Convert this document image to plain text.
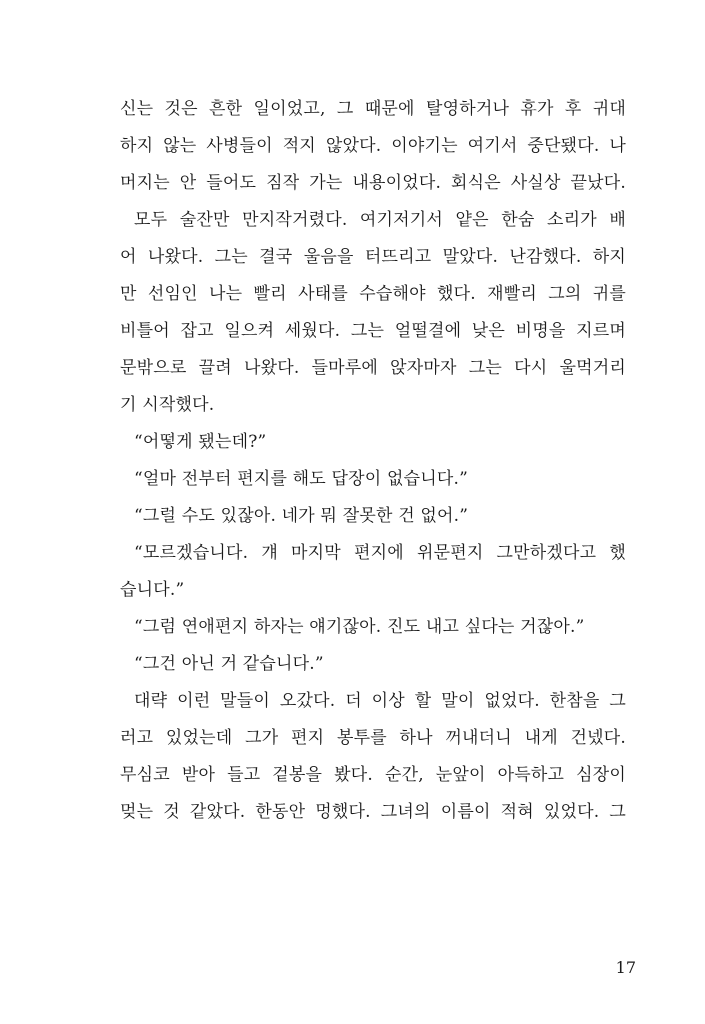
신는 것은 흔한 일이었고, 그 때문에 탈영하거나 휴가 후 귀대
하지 않는 사병들이 적지 않았다. 이야기는 여기서 중단됐다. 나
머지는 안 들어도 짐작 가는 내용이었다. 회식은 사실상 끝났다.
모두 술잔만 만지작거렸다. 여기저기서 얕은 한숨 소리가 배
어 나왔다. 그는 결국 울음을 터뜨리고 말았다. 난감했다. 하지
만 선임인 나는 빨리 사태를 수습해야 했다. 재빨리 그의 귀를
비틀어 잡고 일으켜 세웠다. 그는 얼떨결에 낮은 비명을 지르며
문밖으로 끌려 나왔다. 들마루에 앉자마자 그는 다시 울먹거리
기 시작했다.
“어떻게 됐는데?”
“얼마 전부터 편지를 해도 답장이 없습니다.”
“그럴 수도 있잖아. 네가 뭐 잘못한 건 없어.”
“모르겠습니다. 걔 마지막 편지에 위문편지 그만하겠다고 했
습니다.”
“그럼 연애편지 하자는 얘기잖아. 진도 내고 싶다는 거잖아.”
“그건 아닌 거 같습니다.”
대략 이런 말들이 오갔다. 더 이상 할 말이 없었다. 한참을 그
러고 있었는데 그가 편지 봉투를 하나 꺼내더니 내게 건넸다.
무심코 받아 들고 겉봉을 봤다. 순간, 눈앞이 아득하고 심장이
멎는 것 같았다. 한동안 멍했다. 그녀의 이름이 적혀 있었다. 그
17
